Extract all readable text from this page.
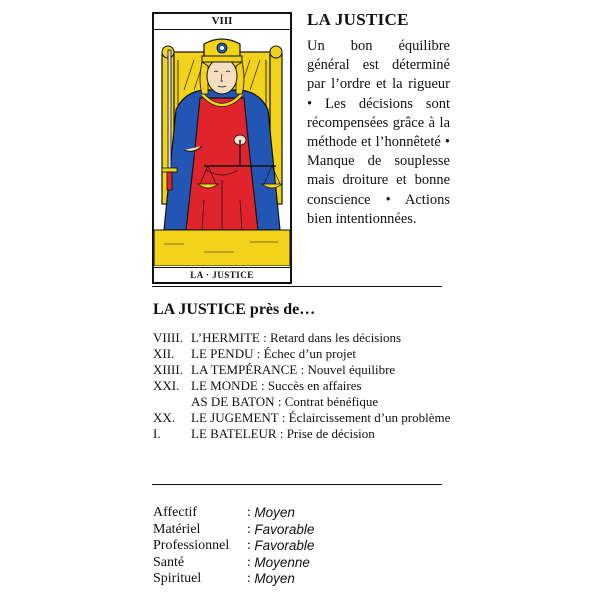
VIII
LA · JUSTICE
LA JUSTICE
Un bon équilibre général est déterminé par l’ordre et la rigueur • Les décisions sont récompensées grâce à la méthode et l’honnêteté • Manque de souplesse mais droiture et bonne conscience • Actions bien intentionnées.
LA JUSTICE près de…
VIIII. L’HERMITE : Retard dans les décisions
XII.	LE PENDU : Échec d’un projet
XIIII. LA TEMPÉRANCE : Nouvel équilibre
XXI. LE MONDE : Succès en affaires
AS DE BATON : Contrat bénéfique
XX.	LE JUGEMENT : Éclaircissement d’un problème
I.	LE BATELEUR : Prise de décision
Affectif	: Moyen
Matériel	: Favorable
Professionnel	: Favorable
Santé	: Moyenne
Spirituel	: Moyen
